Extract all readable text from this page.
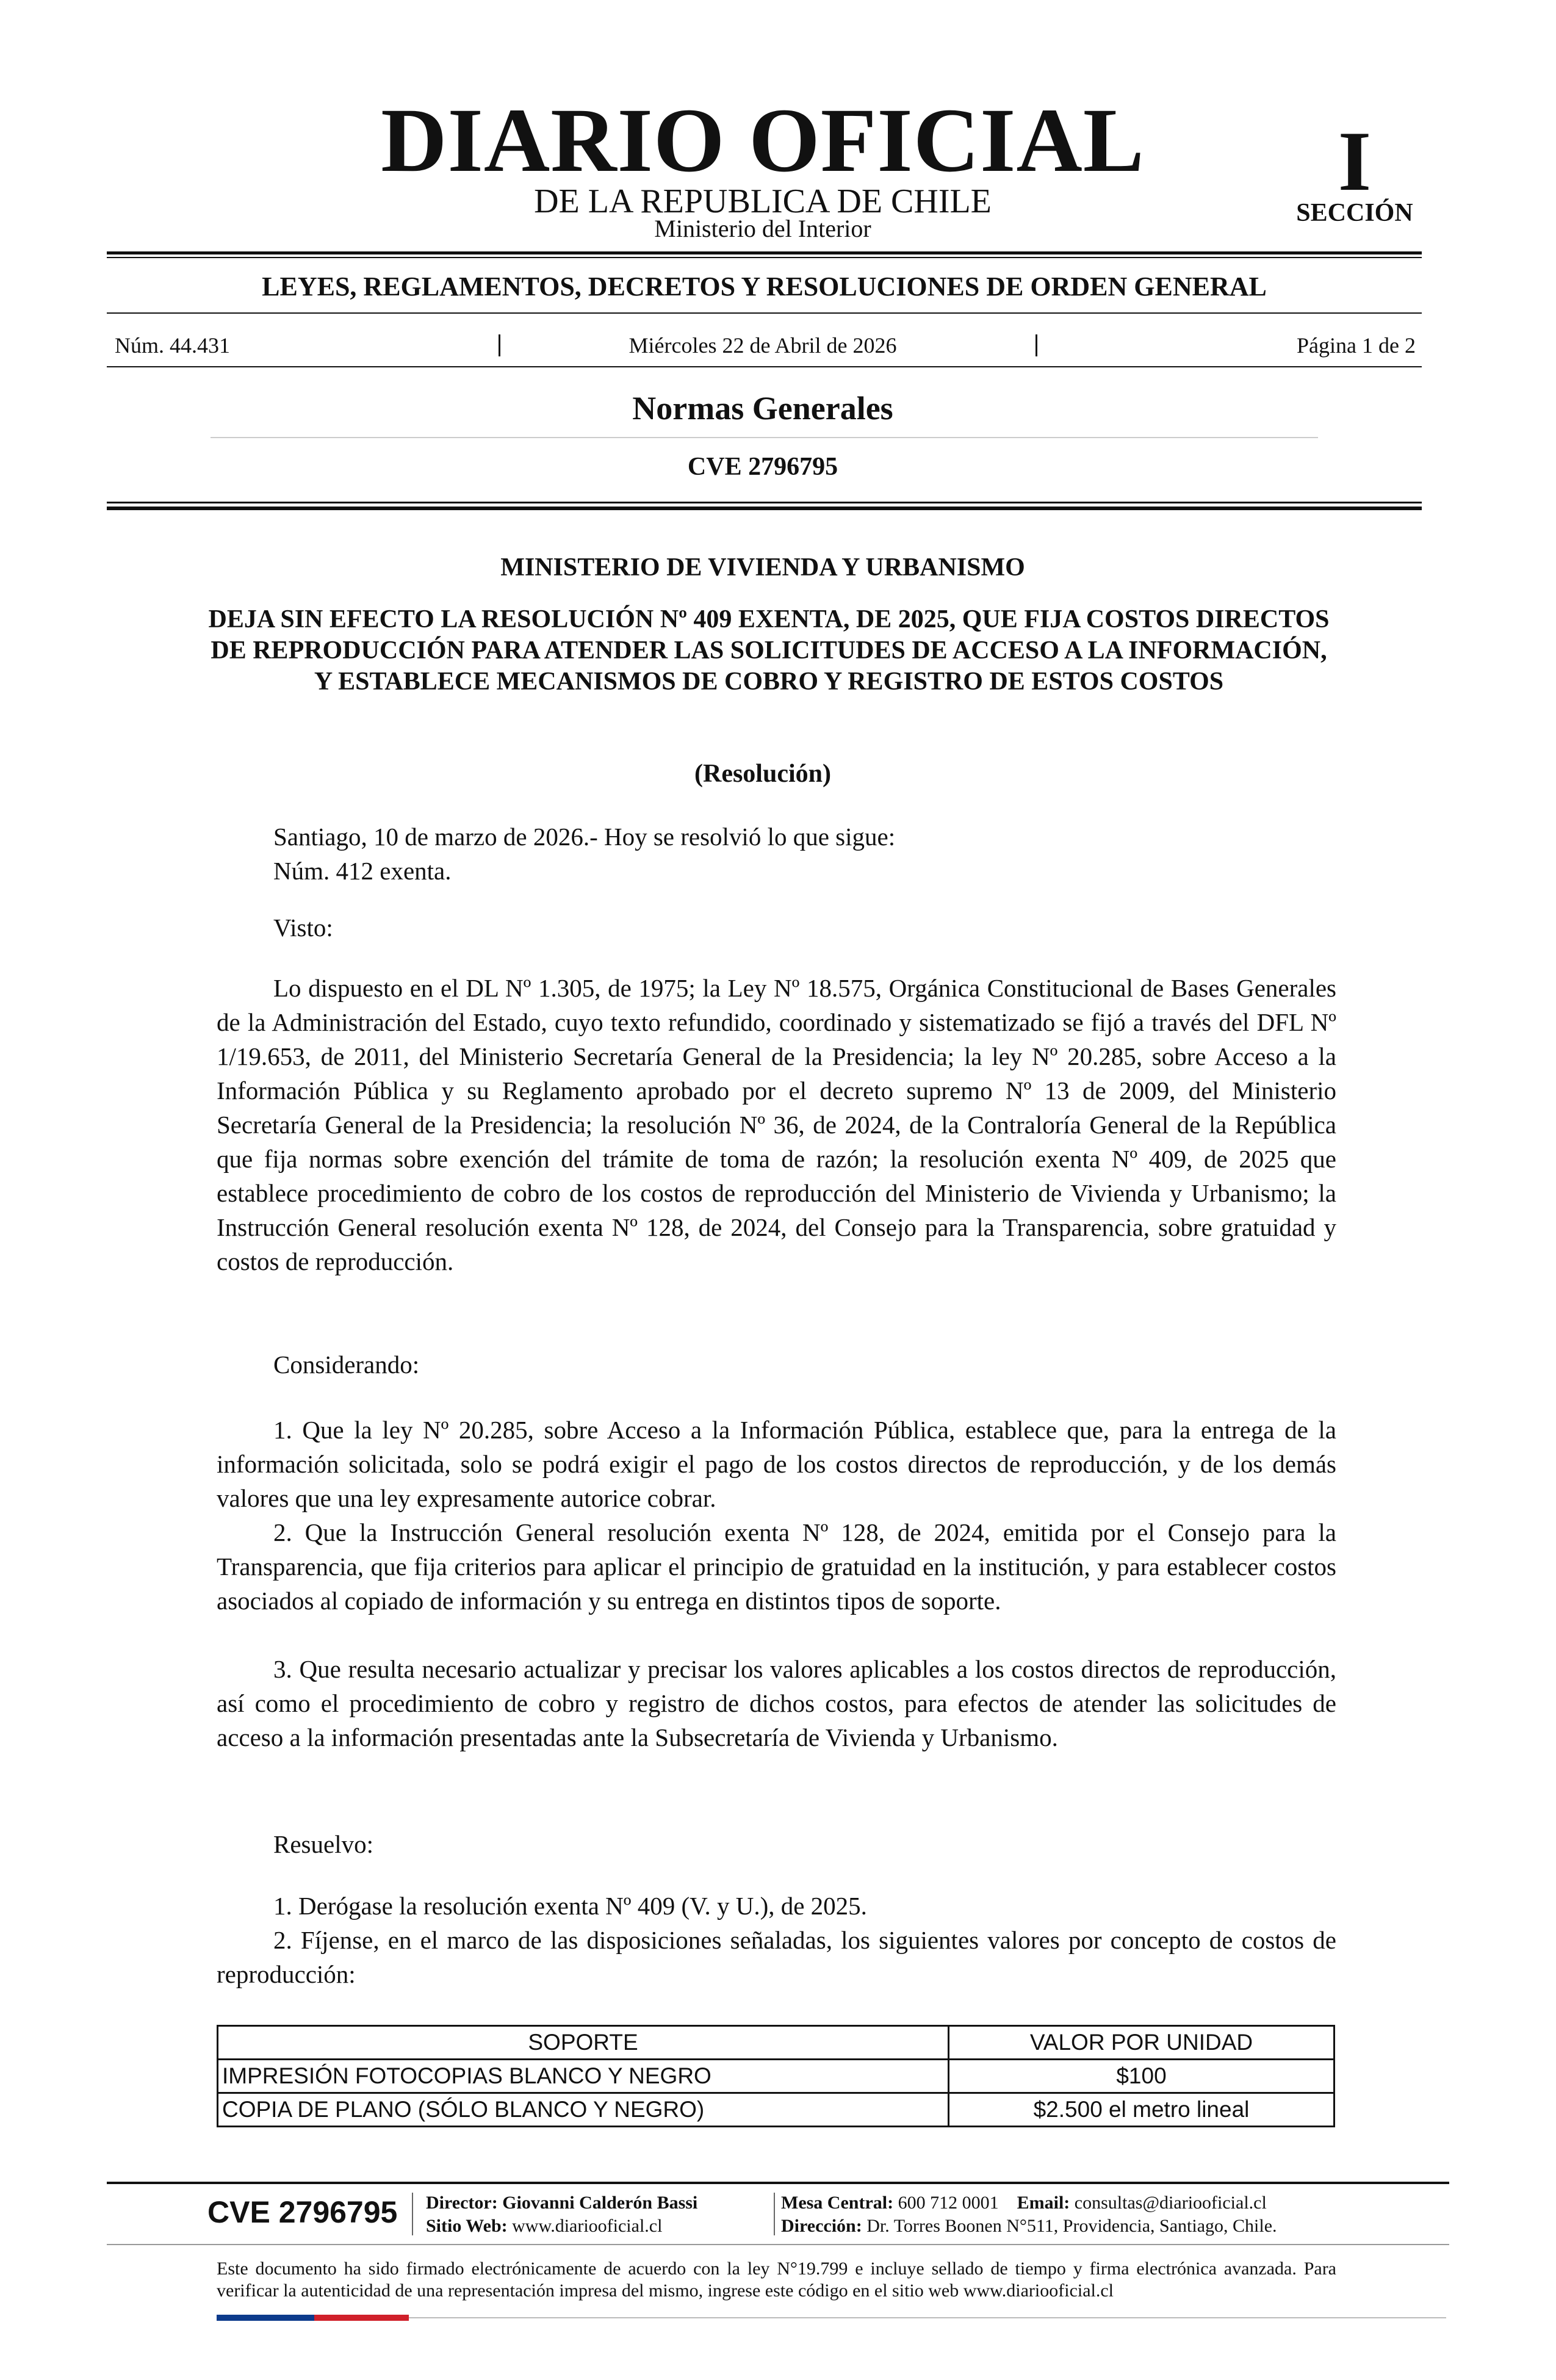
DIARIO OFICIAL
DE LA REPUBLICA DE CHILE
Ministerio del Interior
I
SECCIÓN
LEYES, REGLAMENTOS, DECRETOS Y RESOLUCIONES DE ORDEN GENERAL
Núm. 44.431	Miércoles 22 de Abril de 2026	Página 1 de 2
Normas Generales
CVE 2796795
MINISTERIO DE VIVIENDA Y URBANISMO
DEJA SIN EFECTO LA RESOLUCIÓN Nº 409 EXENTA, DE 2025, QUE FIJA COSTOS DIRECTOS DE REPRODUCCIÓN PARA ATENDER LAS SOLICITUDES DE ACCESO A LA INFORMACIÓN, Y ESTABLECE MECANISMOS DE COBRO Y REGISTRO DE ESTOS COSTOS
(Resolución)
Santiago, 10 de marzo de 2026.- Hoy se resolvió lo que sigue:
Núm. 412 exenta.
Visto:
Lo dispuesto en el DL Nº 1.305, de 1975; la Ley Nº 18.575, Orgánica Constitucional de Bases Generales de la Administración del Estado, cuyo texto refundido, coordinado y sistematizado se fijó a través del DFL Nº 1/19.653, de 2011, del Ministerio Secretaría General de la Presidencia; la ley Nº 20.285, sobre Acceso a la Información Pública y su Reglamento aprobado por el decreto supremo Nº 13 de 2009, del Ministerio Secretaría General de la Presidencia; la resolución Nº 36, de 2024, de la Contraloría General de la República que fija normas sobre exención del trámite de toma de razón; la resolución exenta Nº 409, de 2025 que establece procedimiento de cobro de los costos de reproducción del Ministerio de Vivienda y Urbanismo; la Instrucción General resolución exenta Nº 128, de 2024, del Consejo para la Transparencia, sobre gratuidad y costos de reproducción.
Considerando:
1. Que la ley Nº 20.285, sobre Acceso a la Información Pública, establece que, para la entrega de la información solicitada, solo se podrá exigir el pago de los costos directos de reproducción, y de los demás valores que una ley expresamente autorice cobrar.
2. Que la Instrucción General resolución exenta Nº 128, de 2024, emitida por el Consejo para la Transparencia, que fija criterios para aplicar el principio de gratuidad en la institución, y para establecer costos asociados al copiado de información y su entrega en distintos tipos de soporte.
3. Que resulta necesario actualizar y precisar los valores aplicables a los costos directos de reproducción, así como el procedimiento de cobro y registro de dichos costos, para efectos de atender las solicitudes de acceso a la información presentadas ante la Subsecretaría de Vivienda y Urbanismo.
Resuelvo:
1. Derógase la resolución exenta Nº 409 (V. y U.), de 2025.
2. Fíjense, en el marco de las disposiciones señaladas, los siguientes valores por concepto de costos de reproducción:
SOPORTE	VALOR POR UNIDAD
IMPRESIÓN FOTOCOPIAS BLANCO Y NEGRO	$100
COPIA DE PLANO (SÓLO BLANCO Y NEGRO)	$2.500 el metro lineal
CVE 2796795 Director: Giovanni Calderón Bassi
Sitio Web: www.diariooficial.cl
Mesa Central: 600 712 0001 Email: consultas@diariooficial.cl
Dirección: Dr. Torres Boonen N°511, Providencia, Santiago, Chile.
Este documento ha sido firmado electrónicamente de acuerdo con la ley N°19.799 e incluye sellado de tiempo y firma electrónica avanzada. Para verificar la autenticidad de una representación impresa del mismo, ingrese este código en el sitio web www.diariooficial.cl
